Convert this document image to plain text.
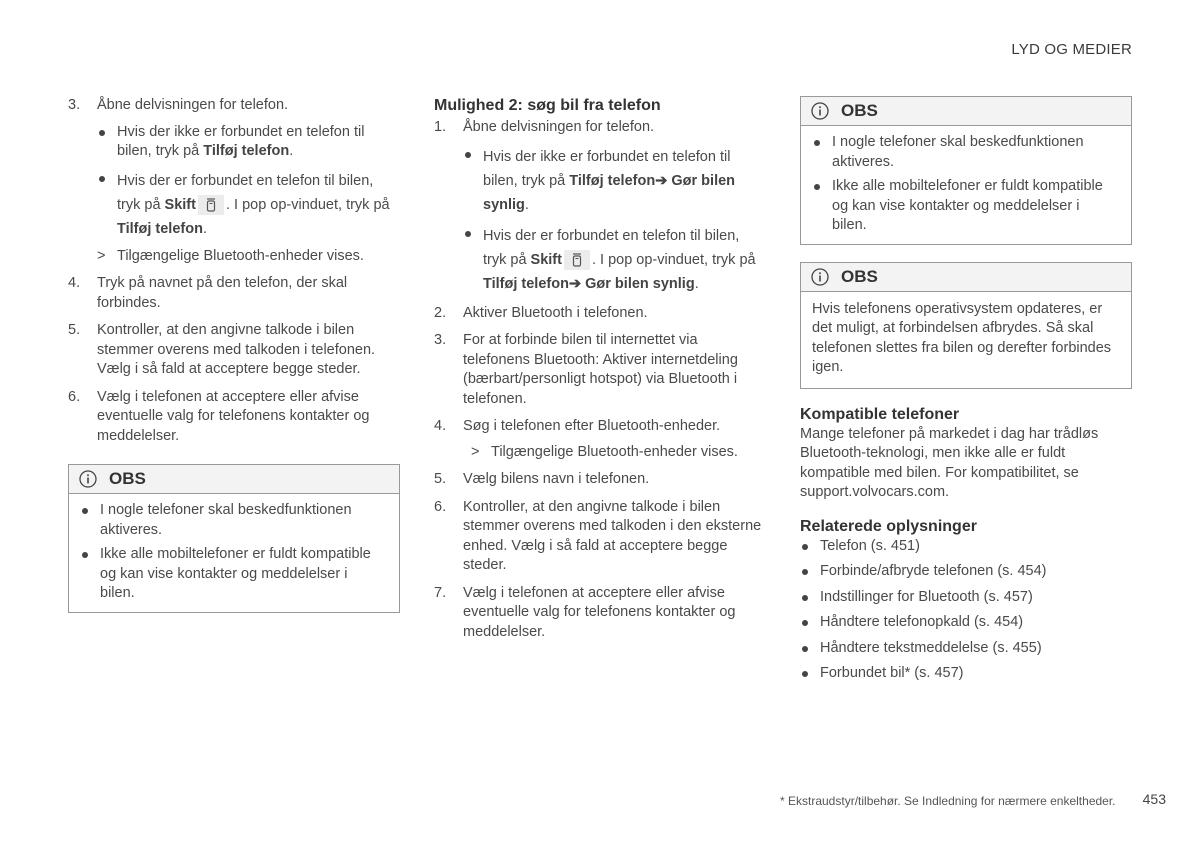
LYD OG MEDIER
3. Åbne delvisningen for telefon.
Hvis der ikke er forbundet en telefon til bilen, tryk på Tilføj telefon.
Hvis der er forbundet en telefon til bilen, tryk på Skift . I pop op-vinduet, tryk på Tilføj telefon.
> Tilgængelige Bluetooth-enheder vises.
4. Tryk på navnet på den telefon, der skal forbindes.
5. Kontroller, at den angivne talkode i bilen stemmer overens med talkoden i telefonen. Vælg i så fald at acceptere begge steder.
6. Vælg i telefonen at acceptere eller afvise eventuelle valg for telefonens kontakter og meddelelser.
OBS
I nogle telefoner skal beskedfunktionen aktiveres.
Ikke alle mobiltelefoner er fuldt kompatible og kan vise kontakter og meddelelser i bilen.
Mulighed 2: søg bil fra telefon
1. Åbne delvisningen for telefon.
Hvis der ikke er forbundet en telefon til bilen, tryk på Tilføj telefon➔ Gør bilen synlig.
Hvis der er forbundet en telefon til bilen, tryk på Skift . I pop op-vinduet, tryk på Tilføj telefon➔ Gør bilen synlig.
2. Aktiver Bluetooth i telefonen.
3. For at forbinde bilen til internettet via telefonens Bluetooth: Aktiver internetdeling (bærbart/personligt hotspot) via Bluetooth i telefonen.
4. Søg i telefonen efter Bluetooth-enheder.
> Tilgængelige Bluetooth-enheder vises.
5. Vælg bilens navn i telefonen.
6. Kontroller, at den angivne talkode i bilen stemmer overens med talkoden i den eksterne enhed. Vælg i så fald at acceptere begge steder.
7. Vælg i telefonen at acceptere eller afvise eventuelle valg for telefonens kontakter og meddelelser.
OBS
I nogle telefoner skal beskedfunktionen aktiveres.
Ikke alle mobiltelefoner er fuldt kompatible og kan vise kontakter og meddelelser i bilen.
OBS
Hvis telefonens operativsystem opdateres, er det muligt, at forbindelsen afbrydes. Så skal telefonen slettes fra bilen og derefter forbindes igen.
Kompatible telefoner
Mange telefoner på markedet i dag har trådløs Bluetooth-teknologi, men ikke alle er fuldt kompatible med bilen. For kompatibilitet, se support.volvocars.com.
Relaterede oplysninger
Telefon (s. 451)
Forbinde/afbryde telefonen (s. 454)
Indstillinger for Bluetooth (s. 457)
Håndtere telefonopkald (s. 454)
Håndtere tekstmeddelelse (s. 455)
Forbundet bil* (s. 457)
* Ekstraudstyr/tilbehør. Se Indledning for nærmere enkeltheder. 453
